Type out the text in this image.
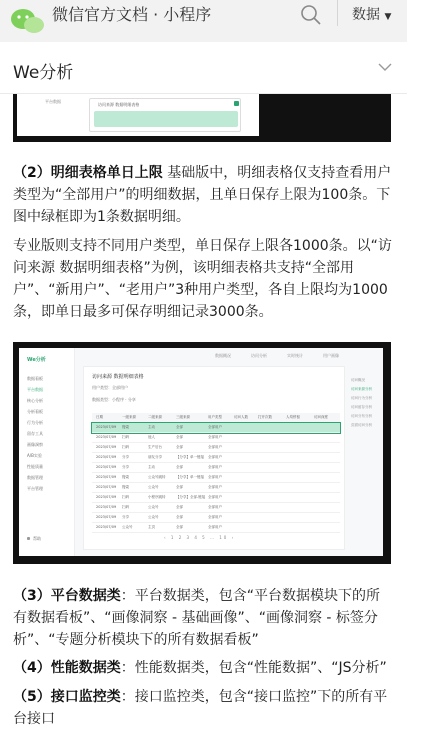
微信官方文档 · 小程序	数据 ▼
We分析
平台数据
访问来源 数据明细表格
（2）明细表格单日上限 基础版中，明细表格仅支持查看用户类型为“全部用户”的明细数据，且单日保存上限为100条。下图中绿框即为1条数据明细。
专业版则支持不同用户类型，单日保存上限各1000条。以“访问来源 数据明细表格”为例，该明细表格共支持“全部用户”、“新用户”、“老用户”3种用户类型，各自上限均为1000条，即单日最多可保存明细记录3000条。
We分析
数据看板
平台数据
核心分析
分析看板
行为分析
留存工具
画像洞察
A/B实验
性能质量
数据管理
平台管理
帮助
数据概况	访问分析	实时统计	用户画像
访问来源 数据明细表格
用户类型：全部用户
数据类型：小程序 · 分享
日期	一级来源	二级来源	三级来源	用户类型	访问人数	打开次数	人均停留	访问深度
2023/07/09 搜索	主动	全部	全部用户
2023/07/09 扫码	他人	全部	全部用户
2023/07/09 扫码	生产后台	全部	全部用户
2023/07/09 分享	朋友分享	【分享】单一链接 全部用户
2023/07/09 分享	主动	全部	全部用户
2023/07/09 搜索	公众号跳转	【分享】单一链接 全部用户
2023/07/09 搜索	公众号	全部	全部用户
2023/07/09 扫码	小程序跳转	【分享】全部-链接 全部用户
2023/07/09 扫码	公众号	全部	全部用户
2023/07/09 分享	公众号	全部	全部用户
2023/07/09 公众号	主页	全部	全部用户
‹ 1 2 3 4 5 … 10 ›
访问概况
访问来源分析
访问行为分析
访问留存分析
访问分布分析
页面访问分析
（3）平台数据类：平台数据类，包含“平台数据模块下的所有数据看板”、“画像洞察 - 基础画像”、“画像洞察 - 标签分析”、“专题分析模块下的所有数据看板”
（4）性能数据类：性能数据类，包含“性能数据”、“JS分析”
（5）接口监控类：接口监控类，包含“接口监控”下的所有平台接口
